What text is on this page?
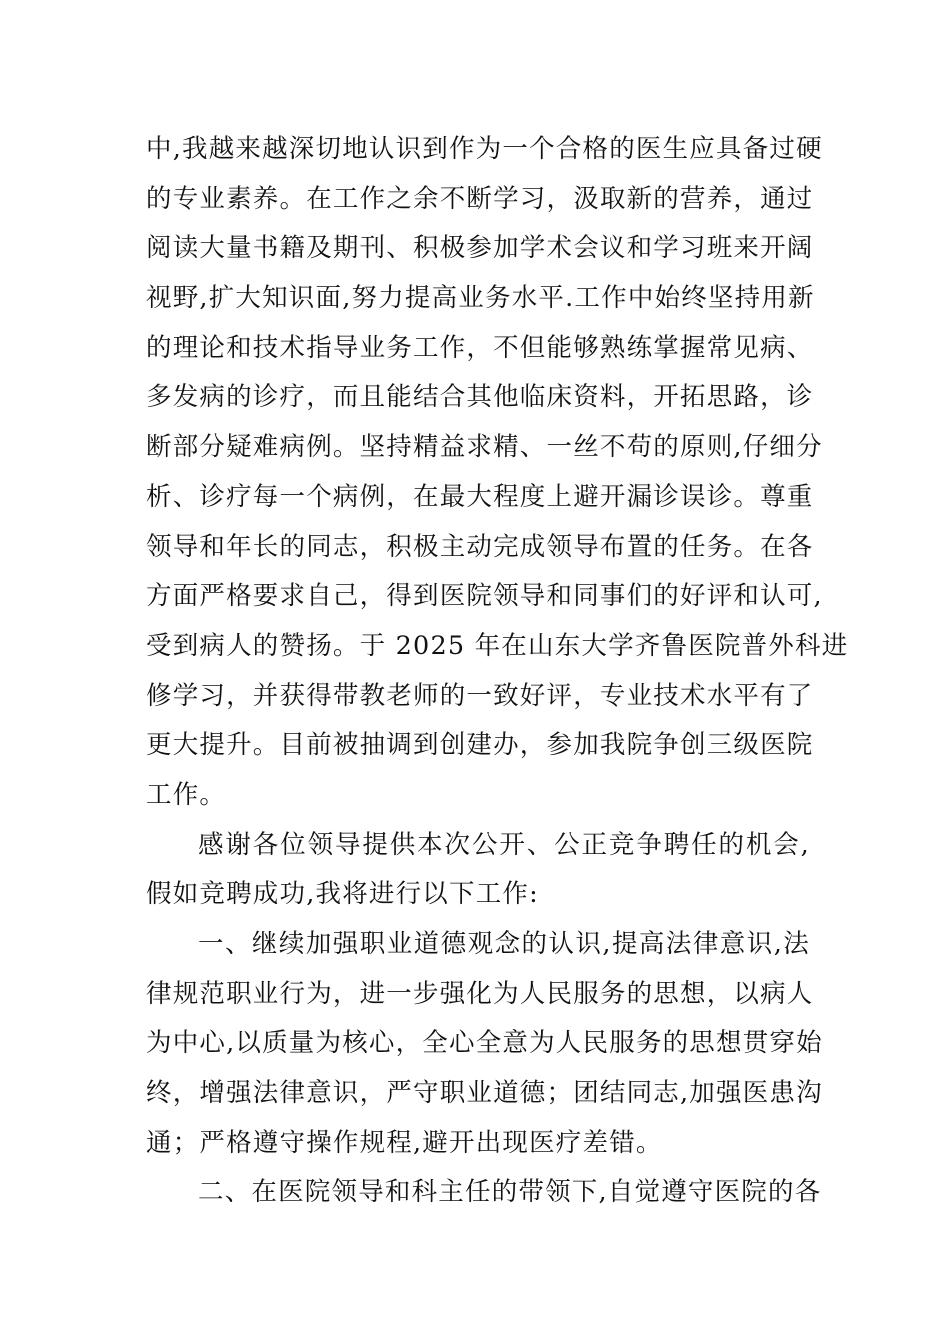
中,我越来越深切地认识到作为一个合格的医生应具备过硬
的专业素养。在工作之余不断学习，汲取新的营养，通过
阅读大量书籍及期刊、积极参加学术会议和学习班来开阔
视野,扩大知识面,努力提高业务水平.工作中始终坚持用新
的理论和技术指导业务工作，不但能够熟练掌握常见病、
多发病的诊疗，而且能结合其他临床资料，开拓思路，诊
断部分疑难病例。坚持精益求精、一丝不苟的原则,仔细分
析、诊疗每一个病例，在最大程度上避开漏诊误诊。尊重
领导和年长的同志，积极主动完成领导布置的任务。在各
方面严格要求自己，得到医院领导和同事们的好评和认可,
受到病人的赞扬。于 2025 年在山东大学齐鲁医院普外科进
修学习，并获得带教老师的一致好评，专业技术水平有了
更大提升。目前被抽调到创建办，参加我院争创三级医院
工作。
感谢各位领导提供本次公开、公正竞争聘任的机会,
假如竞聘成功,我将进行以下工作:
一、继续加强职业道德观念的认识,提高法律意识,法
律规范职业行为，进一步强化为人民服务的思想，以病人
为中心,以质量为核心，全心全意为人民服务的思想贯穿始
终，增强法律意识，严守职业道德；团结同志,加强医患沟
通；严格遵守操作规程,避开出现医疗差错。
二、在医院领导和科主任的带领下,自觉遵守医院的各
